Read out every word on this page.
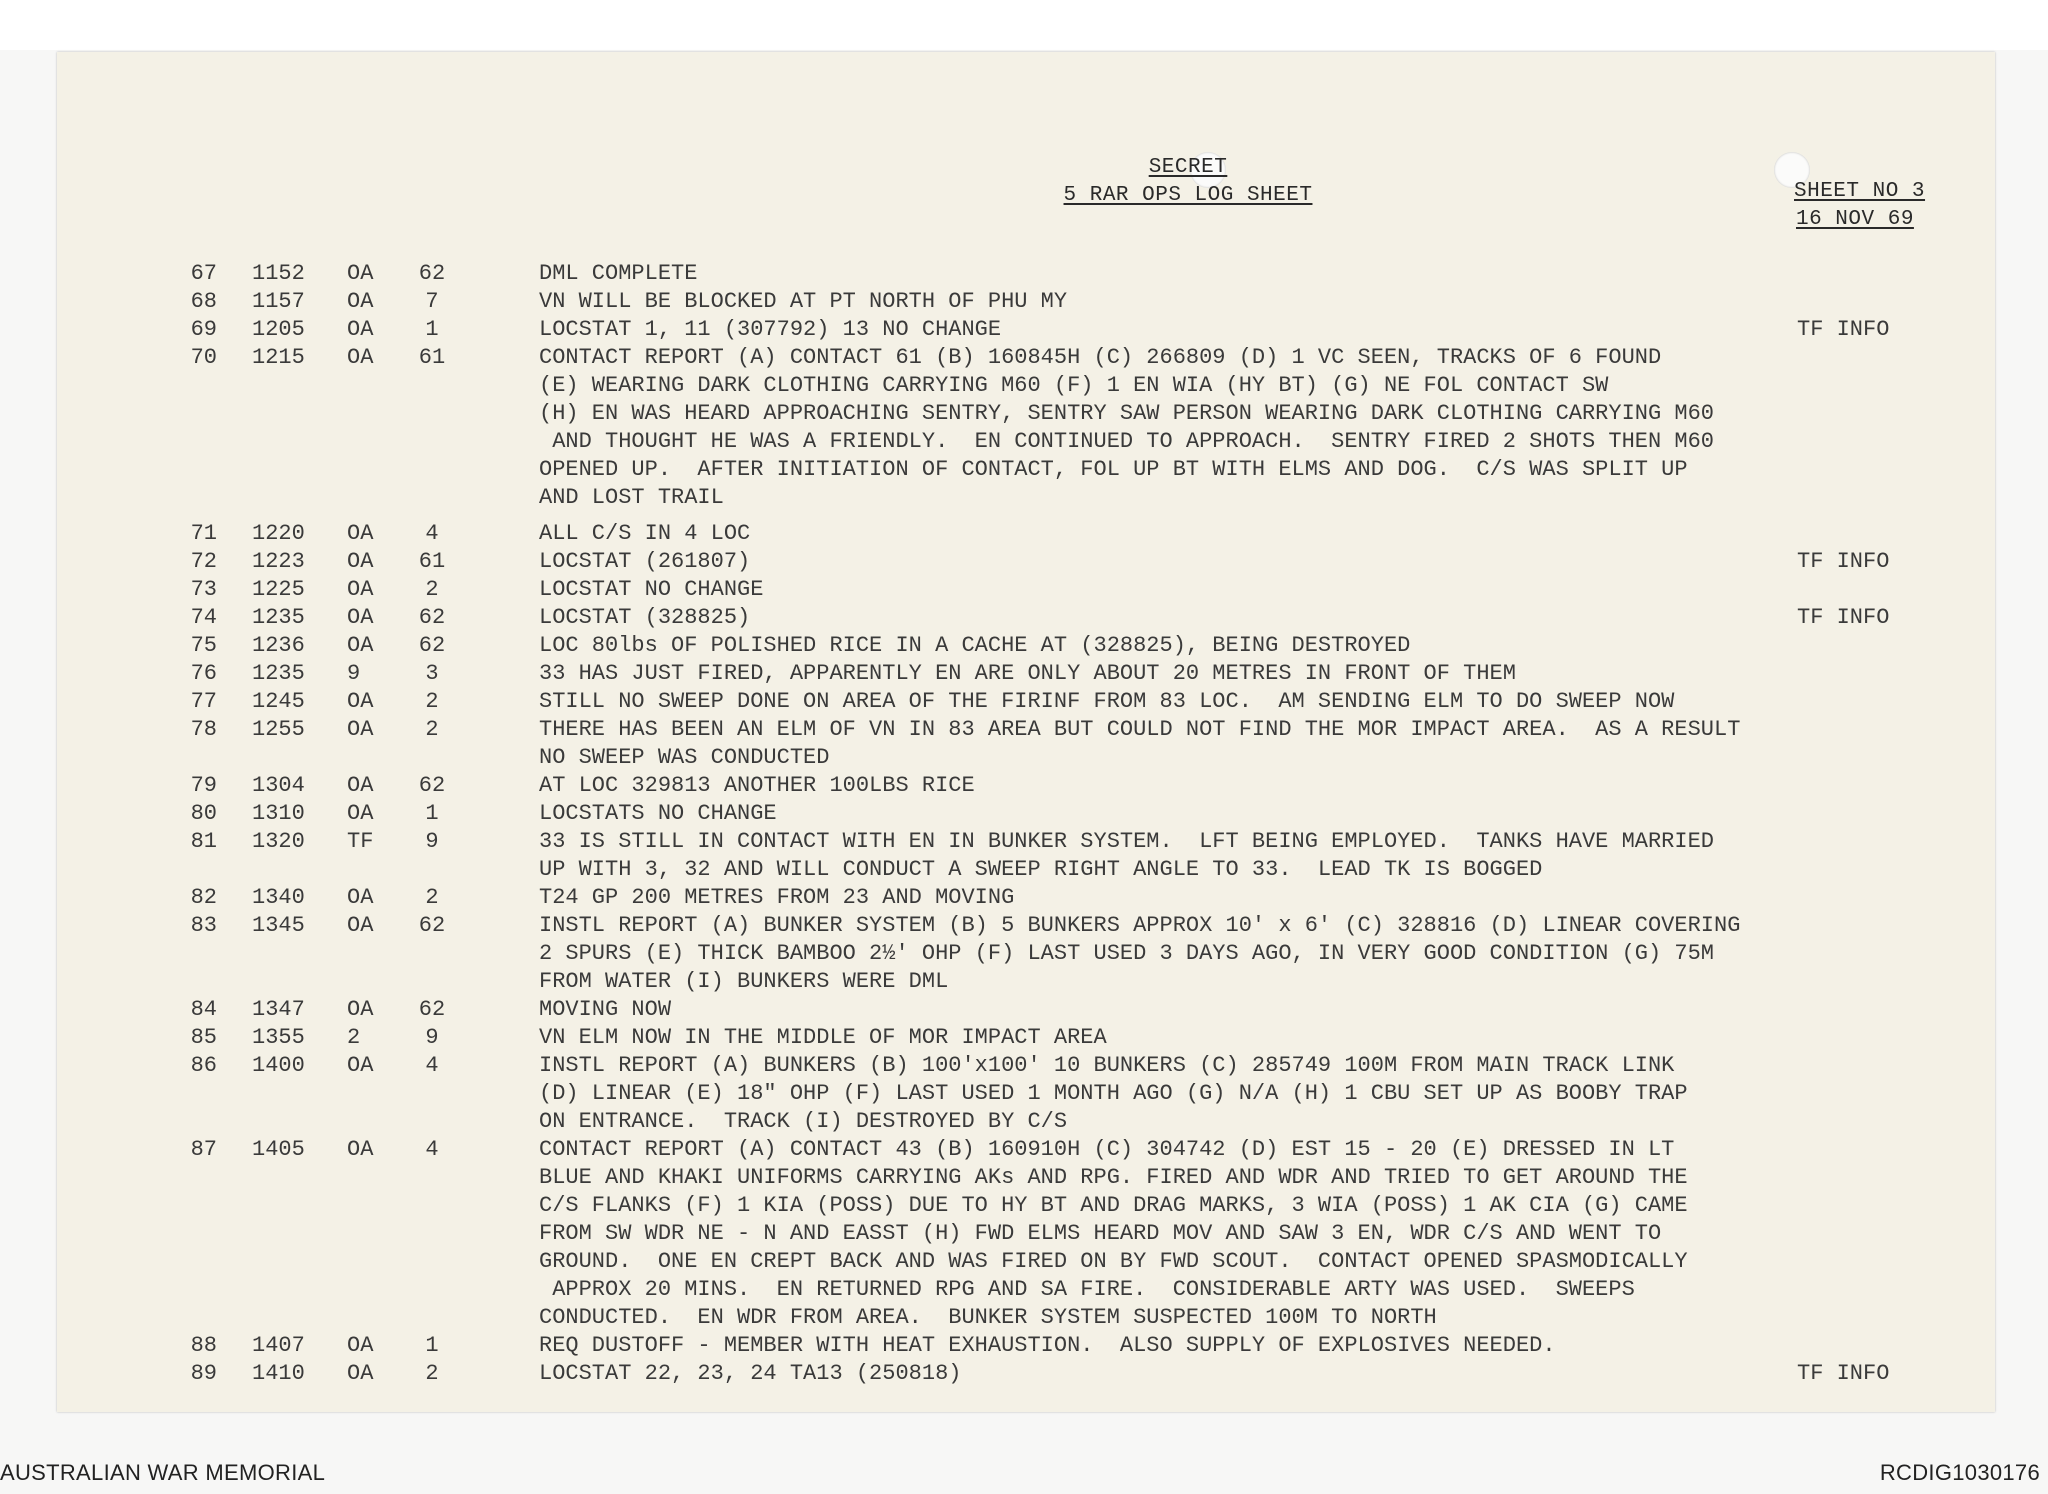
SECRET
5 RAR OPS LOG SHEET	SHEET NO 3
16 NOV 69
67 1152 OA	62	DML COMPLETE
68 1157 OA	7	VN WILL BE BLOCKED AT PT NORTH OF PHU MY
69 1205 OA	1	LOCSTAT 1, 11 (307792) 13 NO CHANGE	TF INFO
70 1215 OA	61	CONTACT REPORT (A) CONTACT 61 (B) 160845H (C) 266809 (D) 1 VC SEEN, TRACKS OF 6 FOUND
(E) WEARING DARK CLOTHING CARRYING M60 (F) 1 EN WIA (HY BT) (G) NE FOL CONTACT SW
(H) EN WAS HEARD APPROACHING SENTRY, SENTRY SAW PERSON WEARING DARK CLOTHING CARRYING M60
AND THOUGHT HE WAS A FRIENDLY.  EN CONTINUED TO APPROACH.  SENTRY FIRED 2 SHOTS THEN M60
OPENED UP.  AFTER INITIATION OF CONTACT, FOL UP BT WITH ELMS AND DOG.  C/S WAS SPLIT UP
AND LOST TRAIL
71 1220 OA	4	ALL C/S IN 4 LOC
72 1223 OA	61	LOCSTAT (261807)	TF INFO
73 1225 OA	2	LOCSTAT NO CHANGE
74 1235 OA	62	LOCSTAT (328825)	TF INFO
75 1236 OA	62	LOC 80lbs OF POLISHED RICE IN A CACHE AT (328825), BEING DESTROYED
76 1235 9	3	33 HAS JUST FIRED, APPARENTLY EN ARE ONLY ABOUT 20 METRES IN FRONT OF THEM
77 1245 OA	2	STILL NO SWEEP DONE ON AREA OF THE FIRINF FROM 83 LOC.  AM SENDING ELM TO DO SWEEP NOW
78 1255 OA	2	THERE HAS BEEN AN ELM OF VN IN 83 AREA BUT COULD NOT FIND THE MOR IMPACT AREA.  AS A RESULT
NO SWEEP WAS CONDUCTED
79 1304 OA	62	AT LOC 329813 ANOTHER 100LBS RICE
80 1310 OA	1	LOCSTATS NO CHANGE
81 1320 TF	9	33 IS STILL IN CONTACT WITH EN IN BUNKER SYSTEM.  LFT BEING EMPLOYED.  TANKS HAVE MARRIED
UP WITH 3, 32 AND WILL CONDUCT A SWEEP RIGHT ANGLE TO 33.  LEAD TK IS BOGGED
82 1340 OA	2	T24 GP 200 METRES FROM 23 AND MOVING
83 1345 OA	62	INSTL REPORT (A) BUNKER SYSTEM (B) 5 BUNKERS APPROX 10' x 6' (C) 328816 (D) LINEAR COVERING
2 SPURS (E) THICK BAMBOO 2½' OHP (F) LAST USED 3 DAYS AGO, IN VERY GOOD CONDITION (G) 75M
FROM WATER (I) BUNKERS WERE DML
84 1347 OA	62	MOVING NOW
85 1355 2	9	VN ELM NOW IN THE MIDDLE OF MOR IMPACT AREA
86 1400 OA	4	INSTL REPORT (A) BUNKERS (B) 100'x100' 10 BUNKERS (C) 285749 100M FROM MAIN TRACK LINK
(D) LINEAR (E) 18" OHP (F) LAST USED 1 MONTH AGO (G) N/A (H) 1 CBU SET UP AS BOOBY TRAP
ON ENTRANCE.  TRACK (I) DESTROYED BY C/S
87 1405 OA	4	CONTACT REPORT (A) CONTACT 43 (B) 160910H (C) 304742 (D) EST 15 - 20 (E) DRESSED IN LT
BLUE AND KHAKI UNIFORMS CARRYING AKs AND RPG. FIRED AND WDR AND TRIED TO GET AROUND THE
C/S FLANKS (F) 1 KIA (POSS) DUE TO HY BT AND DRAG MARKS, 3 WIA (POSS) 1 AK CIA (G) CAME
FROM SW WDR NE - N AND EASST (H) FWD ELMS HEARD MOV AND SAW 3 EN, WDR C/S AND WENT TO
GROUND.  ONE EN CREPT BACK AND WAS FIRED ON BY FWD SCOUT.  CONTACT OPENED SPASMODICALLY
APPROX 20 MINS.  EN RETURNED RPG AND SA FIRE.  CONSIDERABLE ARTY WAS USED.  SWEEPS
CONDUCTED.  EN WDR FROM AREA.  BUNKER SYSTEM SUSPECTED 100M TO NORTH
88 1407 OA	1	REQ DUSTOFF - MEMBER WITH HEAT EXHAUSTION.  ALSO SUPPLY OF EXPLOSIVES NEEDED.
89 1410 OA	2	LOCSTAT 22, 23, 24 TA13 (250818)	TF INFO
AUSTRALIAN WAR MEMORIAL	RCDIG1030176
